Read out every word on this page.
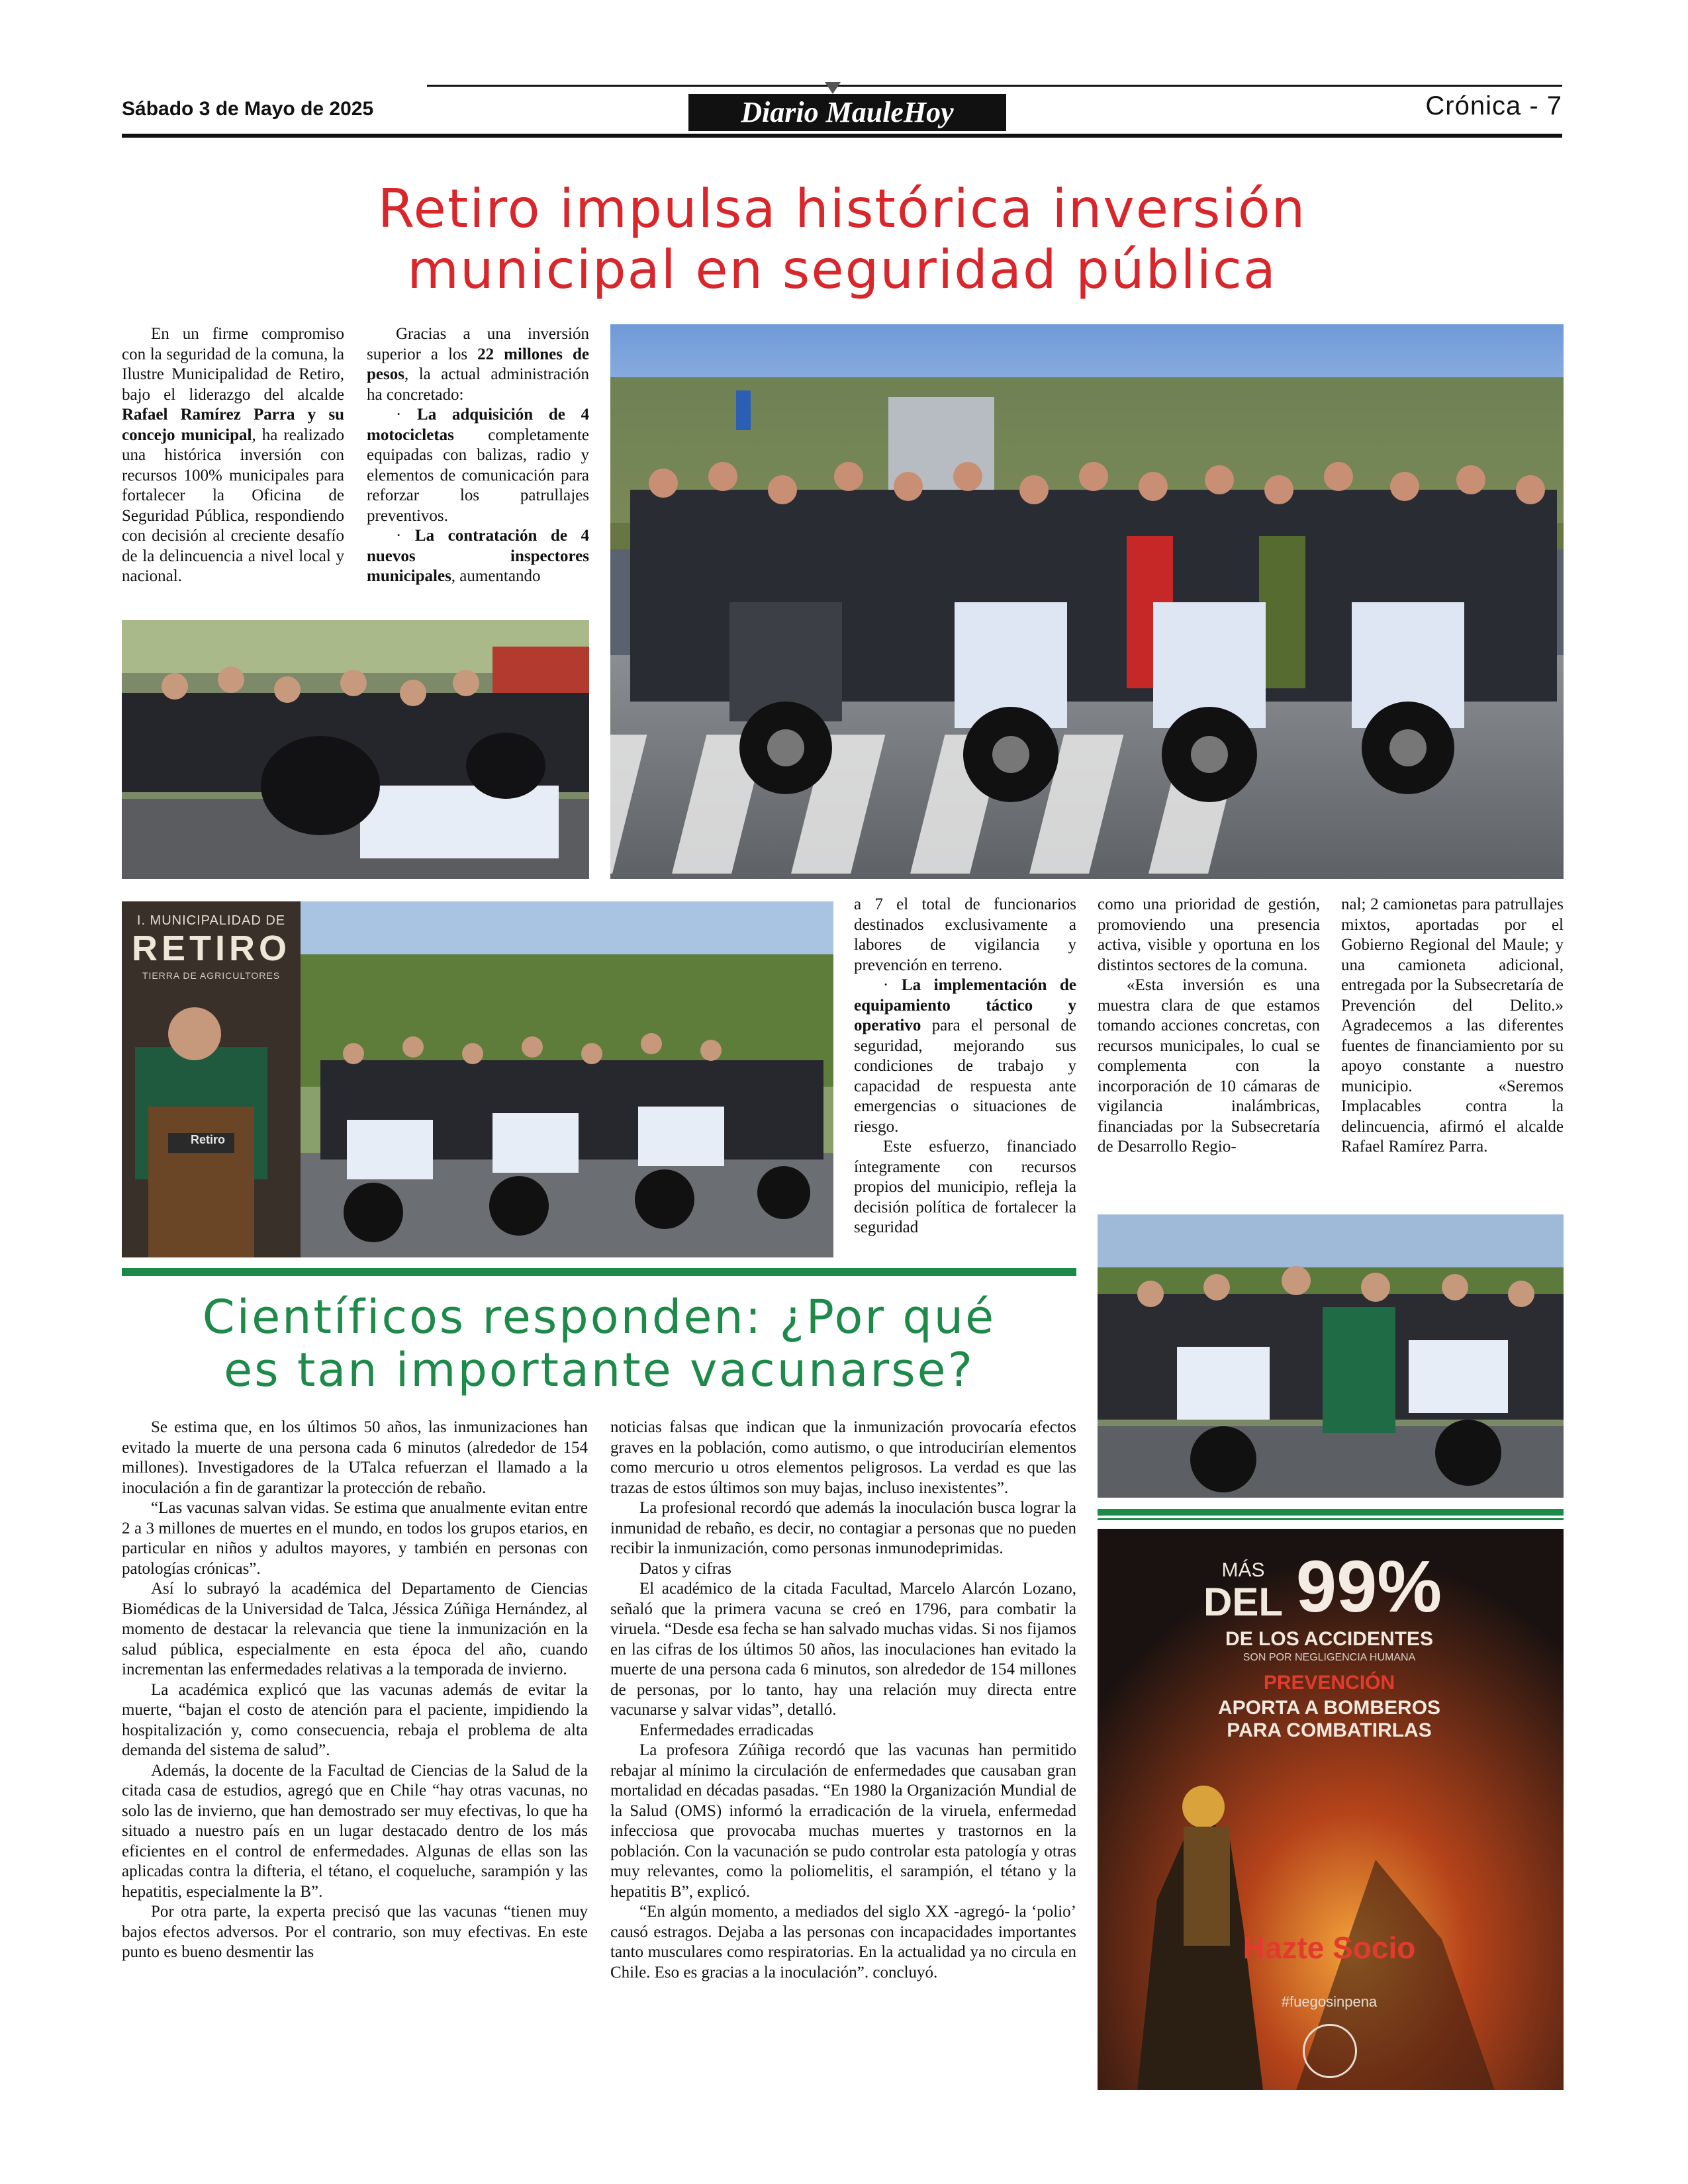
Sábado 3 de Mayo de 2025	Diario MauleHoy	Crónica - 7
Retiro impulsa histórica inversión
municipal en seguridad pública

En un firme compromiso con la seguridad de la comuna, la Ilustre Municipalidad de Retiro, bajo el liderazgo del alcalde Rafael Ramírez Parra y su concejo municipal, ha realizado una histórica inversión con recursos 100% municipales para fortalecer la Oficina de Seguridad Pública, respondiendo con decisión al creciente desafío de la delincuencia a nivel local y nacional.

Gracias a una inversión superior a los 22 millones de pesos, la actual administración ha concretado:

· La adquisición de 4 motocicletas completamente equipadas con balizas, radio y elementos de comunicación para reforzar los patrullajes preventivos.

· La contratación de 4 nuevos inspectores municipales, aumentando

I. MUNICIPALIDAD DE
RETIRO
TIERRA DE AGRICULTORES
Retiro

a 7 el total de funcionarios destinados exclusivamente a labores de vigilancia y prevención en terreno.

· La implementación de equipamiento táctico y operativo para el personal de seguridad, mejorando sus condiciones de trabajo y capacidad de respuesta ante emergencias o situaciones de riesgo.

Este esfuerzo, financiado íntegramente con recursos propios del municipio, refleja la decisión política de fortalecer la seguridad

como una prioridad de gestión, promoviendo una presencia activa, visible y oportuna en los distintos sectores de la comuna.

«Esta inversión es una muestra clara de que estamos tomando acciones concretas, con recursos municipales, lo cual se complementa con la incorporación de 10 cámaras de vigilancia inalámbricas, financiadas por la Subsecretaría de Desarrollo Regio-

nal; 2 camionetas para patrullajes mixtos, aportadas por el Gobierno Regional del Maule; y una camioneta adicional, entregada por la Subsecretaría de Prevención del Delito.» Agradecemos a las diferentes fuentes de financiamiento por su apoyo constante a nuestro municipio. «Seremos Implacables contra la delincuencia, afirmó el alcalde Rafael Ramírez Parra.

Científicos responden: ¿Por qué
es tan importante vacunarse?

Se estima que, en los últimos 50 años, las inmunizaciones han evitado la muerte de una persona cada 6 minutos (alrededor de 154 millones). Investigadores de la UTalca refuerzan el llamado a la inoculación a fin de garantizar la protección de rebaño.

“Las vacunas salvan vidas. Se estima que anualmente evitan entre 2 a 3 millones de muertes en el mundo, en todos los grupos etarios, en particular en niños y adultos mayores, y también en personas con patologías crónicas”.

Así lo subrayó la académica del Departamento de Ciencias Biomédicas de la Universidad de Talca, Jéssica Zúñiga Hernández, al momento de destacar la relevancia que tiene la inmunización en la salud pública, especialmente en esta época del año, cuando incrementan las enfermedades relativas a la temporada de invierno.

La académica explicó que las vacunas además de evitar la muerte, “bajan el costo de atención para el paciente, impidiendo la hospitalización y, como consecuencia, rebaja el problema de alta demanda del sistema de salud”.

Además, la docente de la Facultad de Ciencias de la Salud de la citada casa de estudios, agregó que en Chile “hay otras vacunas, no solo las de invierno, que han demostrado ser muy efectivas, lo que ha situado a nuestro país en un lugar destacado dentro de los más eficientes en el control de enfermedades. Algunas de ellas son las aplicadas contra la difteria, el tétano, el coqueluche, sarampión y las hepatitis, especialmente la B”.

Por otra parte, la experta precisó que las vacunas “tienen muy bajos efectos adversos. Por el contrario, son muy efectivas. En este punto es bueno desmentir las

noticias falsas que indican que la inmunización provocaría efectos graves en la población, como autismo, o que introducirían elementos como mercurio u otros elementos peligrosos. La verdad es que las trazas de estos últimos son muy bajas, incluso inexistentes”.

La profesional recordó que además la inoculación busca lograr la inmunidad de rebaño, es decir, no contagiar a personas que no pueden recibir la inmunización, como personas inmunodeprimidas.

Datos y cifras

El académico de la citada Facultad, Marcelo Alarcón Lozano, señaló que la primera vacuna se creó en 1796, para combatir la viruela. “Desde esa fecha se han salvado muchas vidas. Si nos fijamos en las cifras de los últimos 50 años, las inoculaciones han evitado la muerte de una persona cada 6 minutos, son alrededor de 154 millones de personas, por lo tanto, hay una relación muy directa entre vacunarse y salvar vidas”, detalló.

Enfermedades erradicadas

La profesora Zúñiga recordó que las vacunas han permitido rebajar al mínimo la circulación de enfermedades que causaban gran mortalidad en décadas pasadas. “En 1980 la Organización Mundial de la Salud (OMS) informó la erradicación de la viruela, enfermedad infecciosa que provocaba muchas muertes y trastornos en la población. Con la vacunación se pudo controlar esta patología y otras muy relevantes, como la poliomelitis, el sarampión, el tétano y la hepatitis B”, explicó.

“En algún momento, a mediados del siglo XX -agregó- la ‘polio’ causó estragos. Dejaba a las personas con incapacidades importantes tanto musculares como respiratorias. En la actualidad ya no circula en Chile. Eso es gracias a la inoculación”. concluyó.

MÁS
DEL 99%
DE LOS ACCIDENTES
SON POR NEGLIGENCIA HUMANA
PREVENCIÓN
APORTA A BOMBEROS
PARA COMBATIRLAS
Hazte Socio
#fuegosinpena
